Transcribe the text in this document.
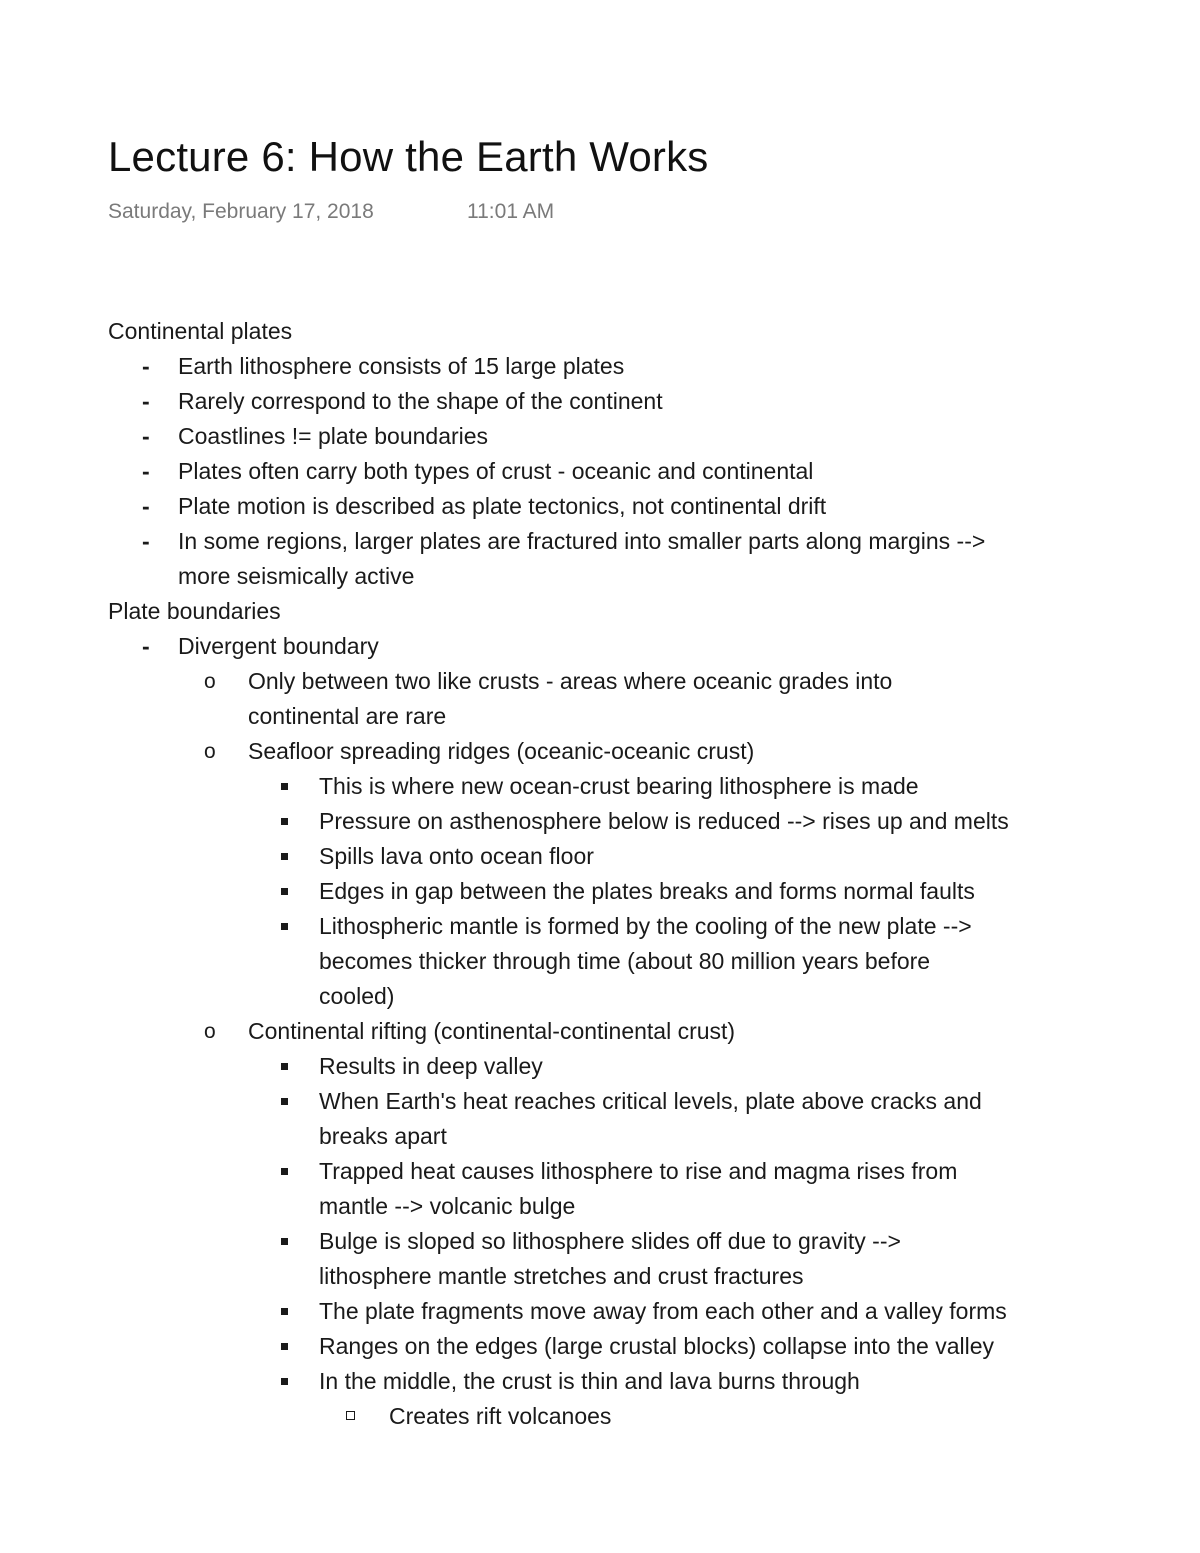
Lecture 6: How the Earth Works
Saturday, February 17, 2018	11:01 AM
Continental plates
- Earth lithosphere consists of 15 large plates
- Rarely correspond to the shape of the continent
- Coastlines != plate boundaries
- Plates often carry both types of crust - oceanic and continental
- Plate motion is described as plate tectonics, not continental drift
- In some regions, larger plates are fractured into smaller parts along margins -->
more seismically active
Plate boundaries
- Divergent boundary
o Only between two like crusts - areas where oceanic grades into
continental are rare
o Seafloor spreading ridges (oceanic-oceanic crust)
This is where new ocean-crust bearing lithosphere is made
Pressure on asthenosphere below is reduced --> rises up and melts
Spills lava onto ocean floor
Edges in gap between the plates breaks and forms normal faults
Lithospheric mantle is formed by the cooling of the new plate -->
becomes thicker through time (about 80 million years before
cooled)
o Continental rifting (continental-continental crust)
Results in deep valley
When Earth's heat reaches critical levels, plate above cracks and
breaks apart
Trapped heat causes lithosphere to rise and magma rises from
mantle --> volcanic bulge
Bulge is sloped so lithosphere slides off due to gravity -->
lithosphere mantle stretches and crust fractures
The plate fragments move away from each other and a valley forms
Ranges on the edges (large crustal blocks) collapse into the valley
In the middle, the crust is thin and lava burns through
Creates rift volcanoes
